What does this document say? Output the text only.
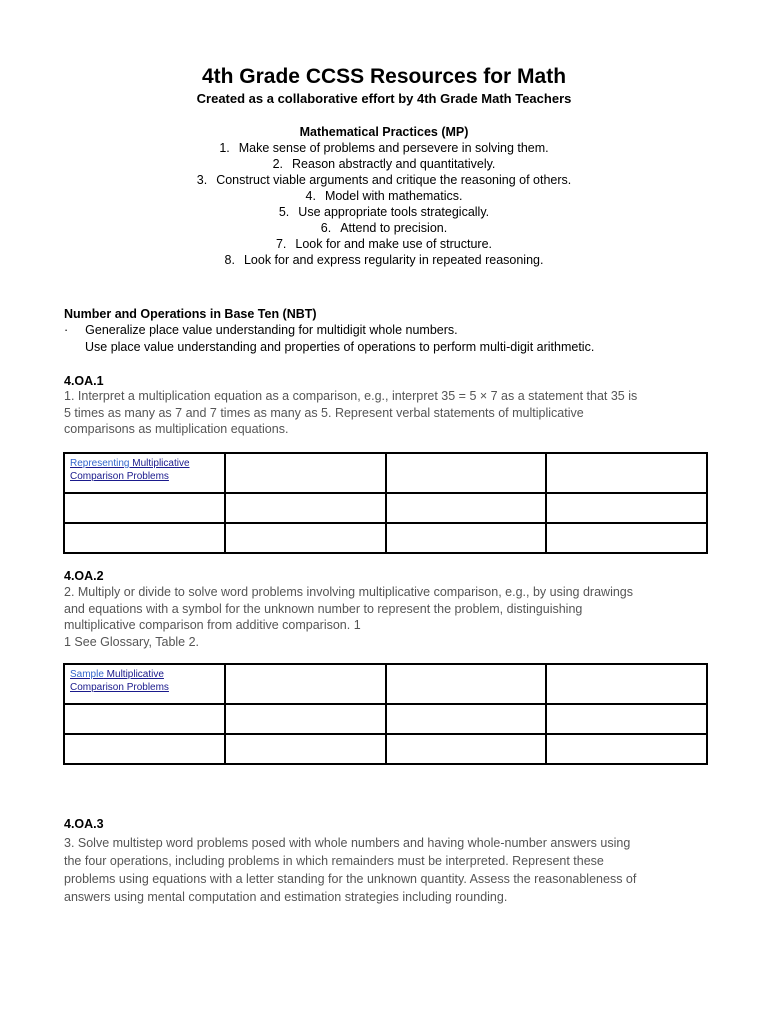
4th Grade CCSS Resources for Math
Created as a collaborative effort by 4th Grade Math Teachers
Mathematical Practices (MP)
1. Make sense of problems and persevere in solving them.
2. Reason abstractly and quantitatively.
3. Construct viable arguments and critique the reasoning of others.
4. Model with mathematics.
5. Use appropriate tools strategically.
6. Attend to precision.
7. Look for and make use of structure.
8. Look for and express regularity in repeated reasoning.
Number and Operations in Base Ten (NBT)
· Generalize place value understanding for multidigit whole numbers.
Use place value understanding and properties of operations to perform multi-digit arithmetic.
4.OA.1
1. Interpret a multiplication equation as a comparison, e.g., interpret 35 = 5 × 7 as a statement that 35 is
5 times as many as 7 and 7 times as many as 5. Represent verbal statements of multiplicative
comparisons as multiplication equations.
Representing Multiplicative
Comparison Problems			

4.OA.2
2. Multiply or divide to solve word problems involving multiplicative comparison, e.g., by using drawings
and equations with a symbol for the unknown number to represent the problem, distinguishing
multiplicative comparison from additive comparison. 1
1 See Glossary, Table 2.
Sample Multiplicative
Comparison Problems			

4.OA.3
3. Solve multistep word problems posed with whole numbers and having whole-number answers using
the four operations, including problems in which remainders must be interpreted. Represent these
problems using equations with a letter standing for the unknown quantity. Assess the reasonableness of
answers using mental computation and estimation strategies including rounding.
